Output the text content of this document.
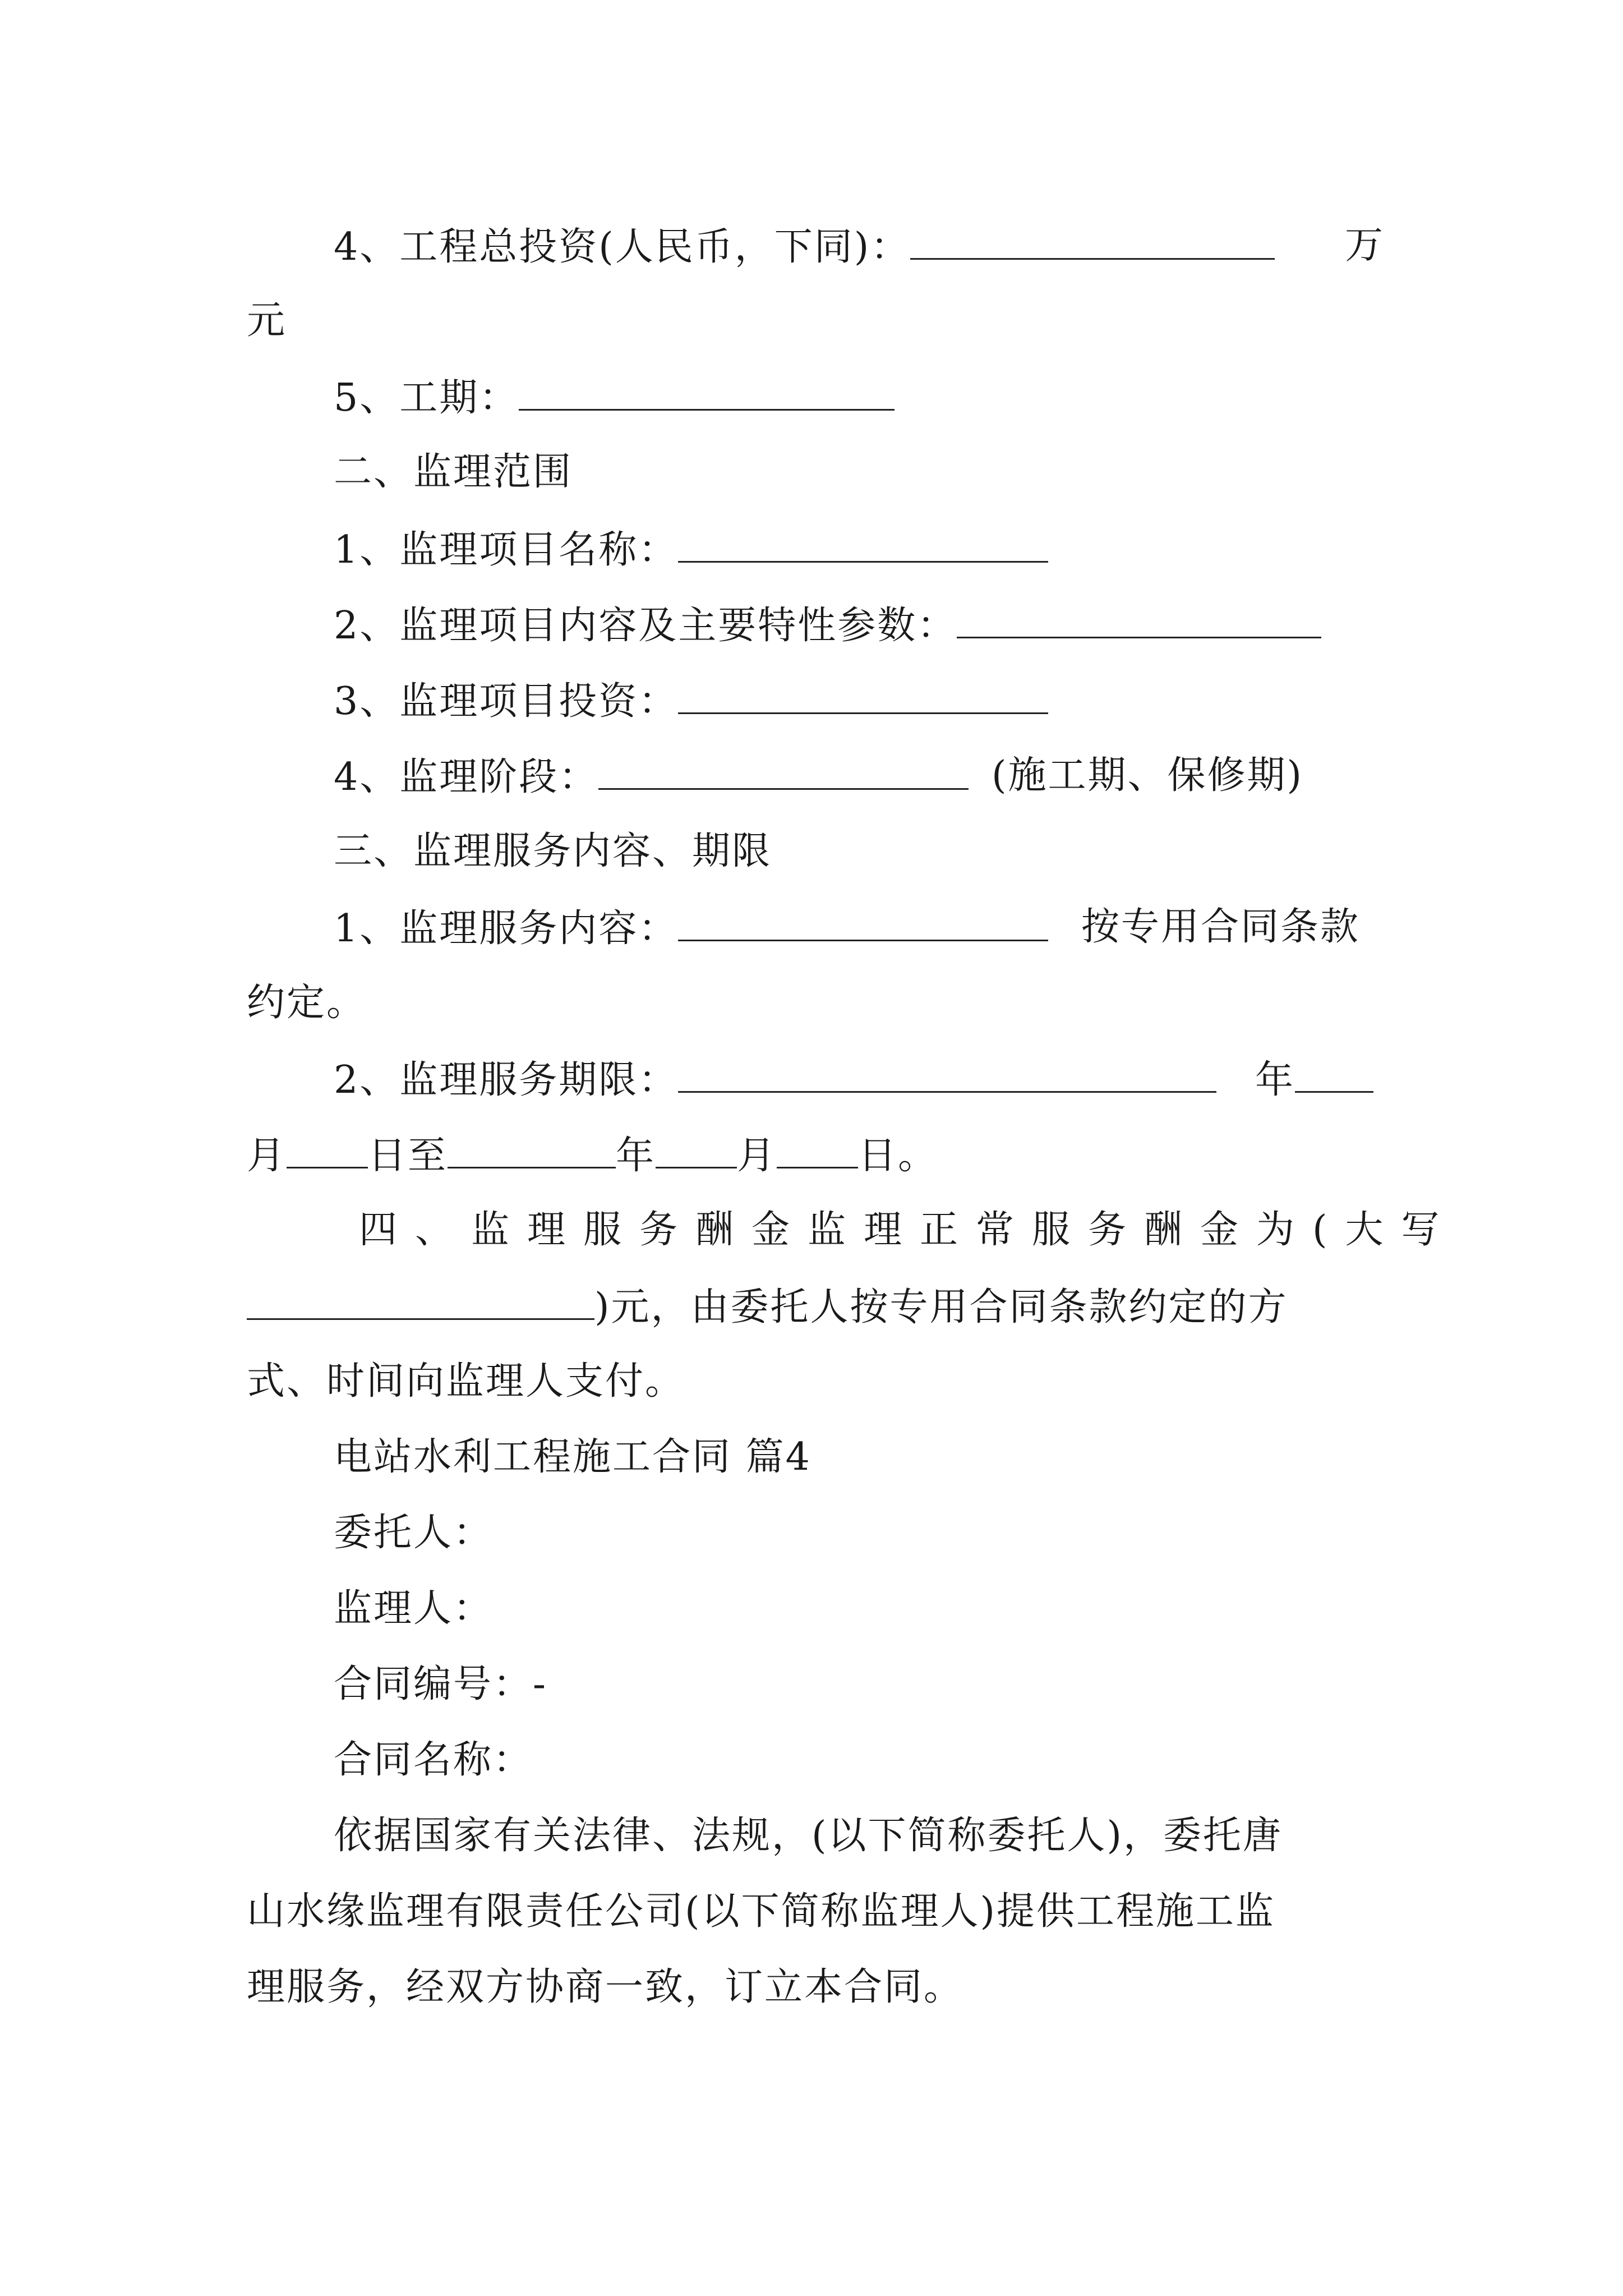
4、工程总投资(人民币，下同)：	万
元
5、工期：
二、监理范围
1、监理项目名称：
2、监理项目内容及主要特性参数：
3、监理项目投资：
4、监理阶段：	(施工期、保修期)
三、监理服务内容、期限
1、监理服务内容：	按专用合同条款
约定。
2、监理服务期限：	年
月 日至	年 月 日。
四、监理服务酬金监理正常服务酬金为(大写
)元，由委托人按专用合同条款约定的方
式、时间向监理人支付。
电站水利工程施工合同 篇4
委托人：
监理人：
合同编号：-
合同名称：
依据国家有关法律、法规，(以下简称委托人)，委托唐
山水缘监理有限责任公司(以下简称监理人)提供工程施工监
理服务，经双方协商一致，订立本合同。
